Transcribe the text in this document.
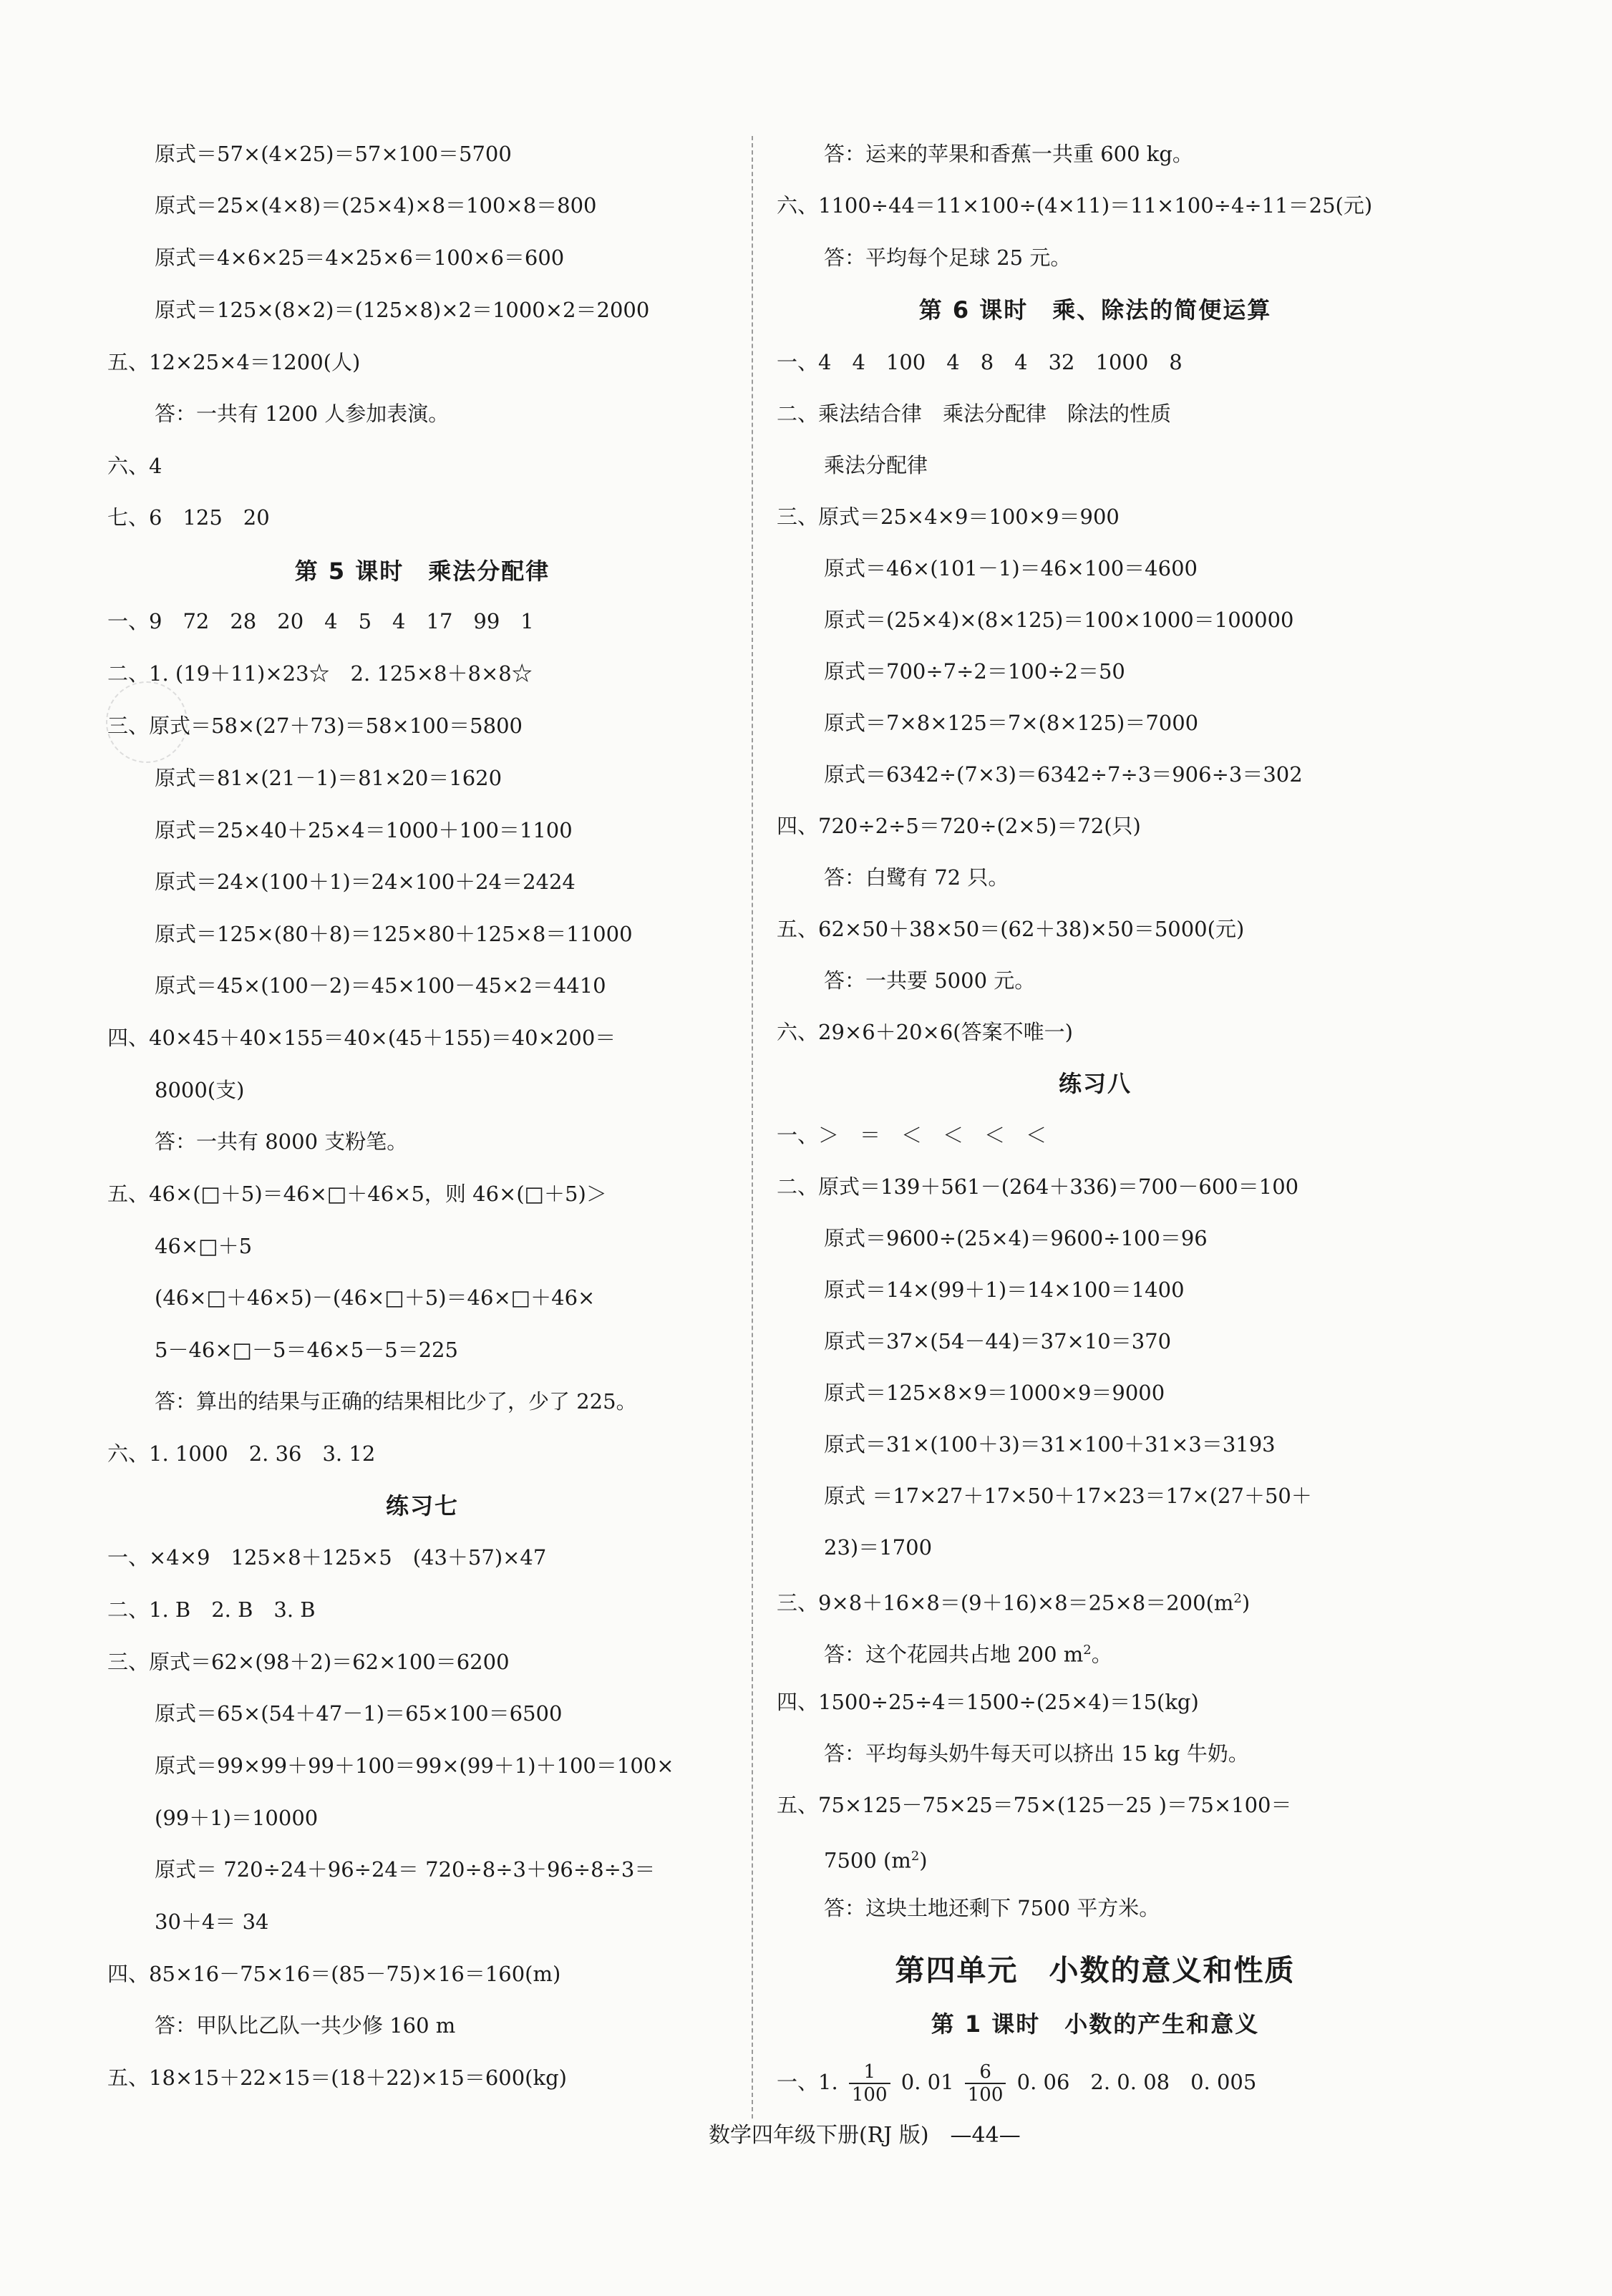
原式＝57×(4×25)＝57×100＝5700
原式＝25×(4×8)＝(25×4)×8＝100×8＝800
原式＝4×6×25＝4×25×6＝100×6＝600
原式＝125×(8×2)＝(125×8)×2＝1000×2＝2000
五、12×25×4＝1200(人)
答：一共有 1200 人参加表演。
六、4
七、6　125　20
第 5 课时　乘法分配律
一、9　72　28　20　4　5　4　17　99　1
二、1. (19＋11)×23☆　2. 125×8＋8×8☆
三、原式＝58×(27＋73)＝58×100＝5800
原式＝81×(21－1)＝81×20＝1620
原式＝25×40＋25×4＝1000＋100＝1100
原式＝24×(100＋1)＝24×100＋24＝2424
原式＝125×(80＋8)＝125×80＋125×8＝11000
原式＝45×(100－2)＝45×100－45×2＝4410
四、40×45＋40×155＝40×(45＋155)＝40×200＝
8000(支)
答：一共有 8000 支粉笔。
五、46×(□＋5)＝46×□＋46×5，则 46×(□＋5)＞
46×□＋5
(46×□＋46×5)－(46×□＋5)＝46×□＋46×
5－46×□－5＝46×5－5＝225
答：算出的结果与正确的结果相比少了，少了 225。
六、1. 1000　2. 36　3. 12
练习七
一、×4×9　125×8＋125×5　(43＋57)×47
二、1. B　2. B　3. B
三、原式＝62×(98＋2)＝62×100＝6200
原式＝65×(54＋47－1)＝65×100＝6500
原式＝99×99＋99＋100＝99×(99＋1)＋100＝100×
(99＋1)＝10000
原式＝ 720÷24＋96÷24＝ 720÷8÷3＋96÷8÷3＝
30＋4＝ 34
四、85×16－75×16＝(85－75)×16＝160(m)
答：甲队比乙队一共少修 160 m
五、18×15＋22×15＝(18＋22)×15＝600(kg)
答：运来的苹果和香蕉一共重 600 kg。
六、1100÷44＝11×100÷(4×11)＝11×100÷4÷11＝25(元)
答：平均每个足球 25 元。
第 6 课时　乘、除法的简便运算
一、4　4　100　4　8　4　32　1000　8
二、乘法结合律　乘法分配律　除法的性质
乘法分配律
三、原式＝25×4×9＝100×9＝900
原式＝46×(101－1)＝46×100＝4600
原式＝(25×4)×(8×125)＝100×1000＝100000
原式＝700÷7÷2＝100÷2＝50
原式＝7×8×125＝7×(8×125)＝7000
原式＝6342÷(7×3)＝6342÷7÷3＝906÷3＝302
四、720÷2÷5＝720÷(2×5)＝72(只)
答：白鹭有 72 只。
五、62×50＋38×50＝(62＋38)×50＝5000(元)
答：一共要 5000 元。
六、29×6＋20×6(答案不唯一)
练习八
一、＞　＝　＜　＜　＜　＜
二、原式＝139＋561－(264＋336)＝700－600＝100
原式＝9600÷(25×4)＝9600÷100＝96
原式＝14×(99＋1)＝14×100＝1400
原式＝37×(54－44)＝37×10＝370
原式＝125×8×9＝1000×9＝9000
原式＝31×(100＋3)＝31×100＋31×3＝3193
原式 ＝17×27＋17×50＋17×23＝17×(27＋50＋
23)＝1700
三、$9\times 8+16\times 8=(9+16)\times 8=25\times 8=200(m^2)$
答：这个花园共占地 200 $m^2$。
四、1500÷25÷4＝1500÷(25×4)＝15(kg)
答：平均每头奶牛每天可以挤出 15 kg 牛奶。
五、75×125－75×25＝75×(125－25 )＝75×100＝
7500 $(m^2)$
答：这块土地还剩下 7500 平方米。
第四单元　小数的意义和性质
第 1 课时　小数的产生和意义
一、1. $\frac{1}{100} 0$. $01 \frac{6}{100} 0$. 06　2. 0. 08　0. 005
数学四年级下册(RJ 版)　—44—
